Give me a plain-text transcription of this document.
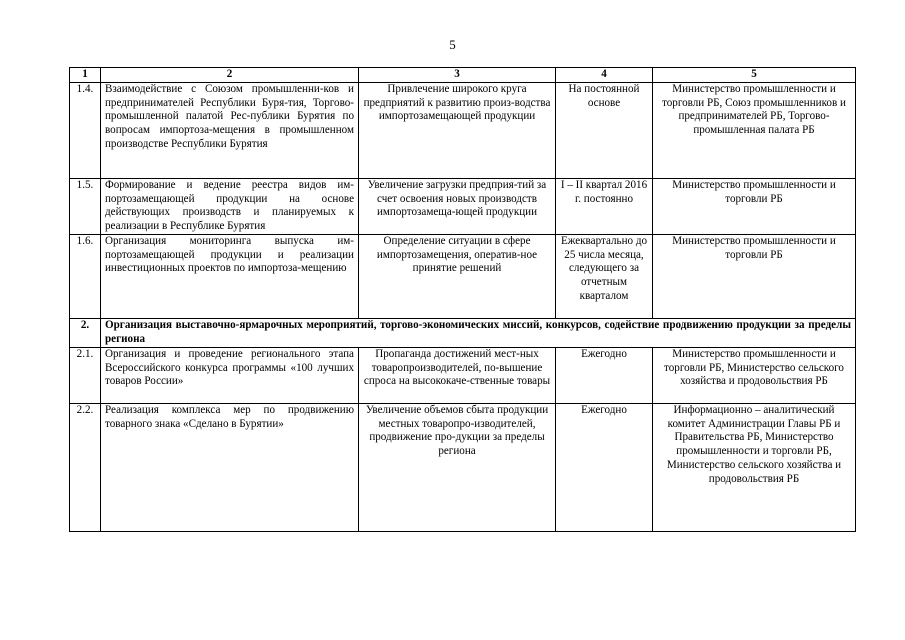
5
1	2	3	4	5
1.4.	Взаимодействие с Союзом промышленни-ков и предпринимателей Республики Буря-тия, Торгово-промышленной палатой Рес-публики Бурятия по вопросам импортоза-мещения в промышленном производстве Республики Бурятия	Привлечение широкого круга предприятий к развитию произ-водства импортозамещающей продукции	На постоянной основе	Министерство промышленности и торговли РБ, Союз промышленников и предпринимателей РБ, Торгово-промышленная палата РБ
1.5.	Формирование и ведение реестра видов им-портозамещающей продукции на основе действующих производств и планируемых к реализации в Республике Бурятия	Увеличение загрузки предприя-тий за счет освоения новых производств импортозамеща-ющей продукции	I – II квартал 2016 г. постоянно	Министерство промышленности и торговли РБ
1.6.	Организация мониторинга выпуска им-портозамещающей продукции и реализации инвестиционных проектов по импортоза-мещению	Определение ситуации в сфере импортозамещения, оператив-ное принятие решений	Ежеквартально до 25 числа месяца, следующего за отчетным кварталом	Министерство промышленности и торговли РБ
2.	Организация выставочно-ярмарочных мероприятий, торгово-экономических миссий, конкурсов, содействие продвижению продукции за пределы региона			
2.1.	Организация и проведение регионального этапа Всероссийского конкурса программы «100 лучших товаров России»	Пропаганда достижений мест-ных товаропроизводителей, по-вышение спроса на высококаче-ственные товары	Ежегодно	Министерство промышленности и торговли РБ, Министерство сельского хозяйства и продовольствия РБ
2.2.	Реализация комплекса мер по продвижению товарного знака «Сделано в Бурятии»	Увеличение объемов сбыта продукции местных товаропро-изводителей, продвижение про-дукции за пределы региона	Ежегодно	Информационно – аналитический комитет Администрации Главы РБ и Правительства РБ, Министерство промышленности и торговли РБ, Министерство сельского хозяйства и продовольствия РБ
